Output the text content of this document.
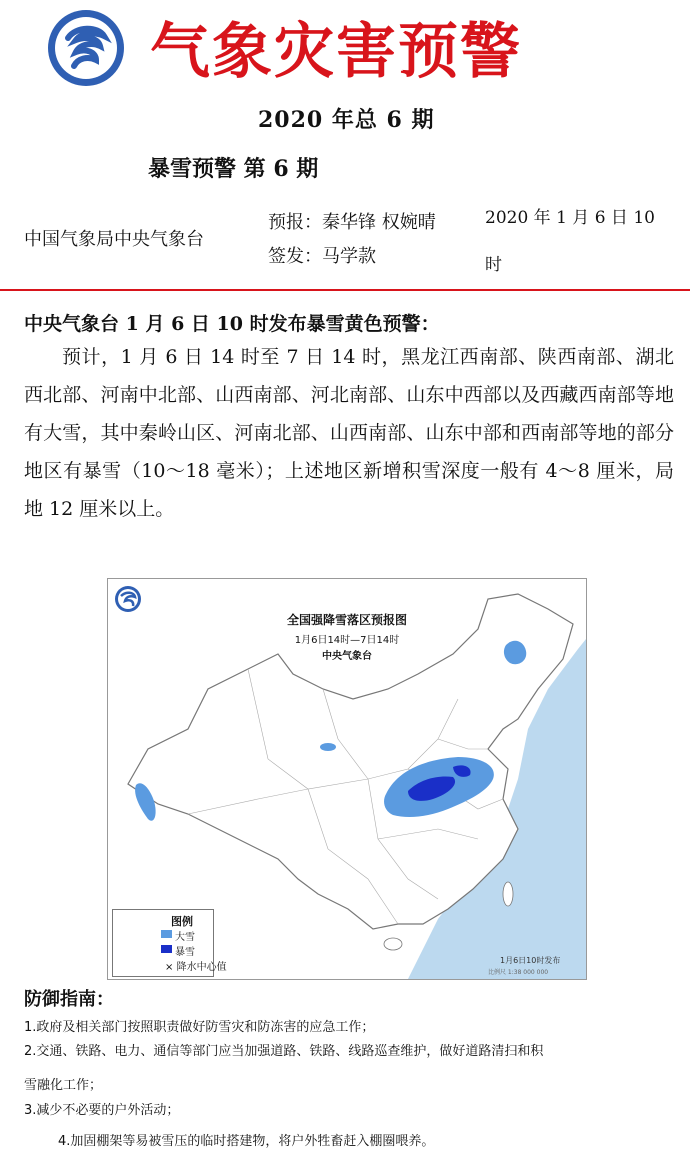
气象灾害预警
2020 年总 6 期
暴雪预警 第 6 期
中国气象局中央气象台
预报：秦华锋 权婉晴
签发：马学款
2020 年 1 月 6 日 10
时
中央气象台 1 月 6 日 10 时发布暴雪黄色预警：
预计，1 月 6 日 14 时至 7 日 14 时，黑龙江西南部、陕西南部、湖北西北部、河南中北部、山西南部、河北南部、山东中西部以及西藏西南部等地有大雪，其中秦岭山区、河南北部、山西南部、山东中部和西南部等地的部分地区有暴雪（10～18 毫米）；上述地区新增积雪深度一般有 4～8 厘米，局地 12 厘米以上。
全国强降雪落区预报图
1月6日14时—7日14时
中央气象台
图例
大雪
暴雪
× 降水中心值
1月6日10时发布
比例尺 1:38 000 000
防御指南：
1.政府及相关部门按照职责做好防雪灾和防冻害的应急工作；
2.交通、铁路、电力、通信等部门应当加强道路、铁路、线路巡查维护，做好道路清扫和积
雪融化工作；
3.减少不必要的户外活动；
4.加固棚架等易被雪压的临时搭建物，将户外牲畜赶入棚圈喂养。
